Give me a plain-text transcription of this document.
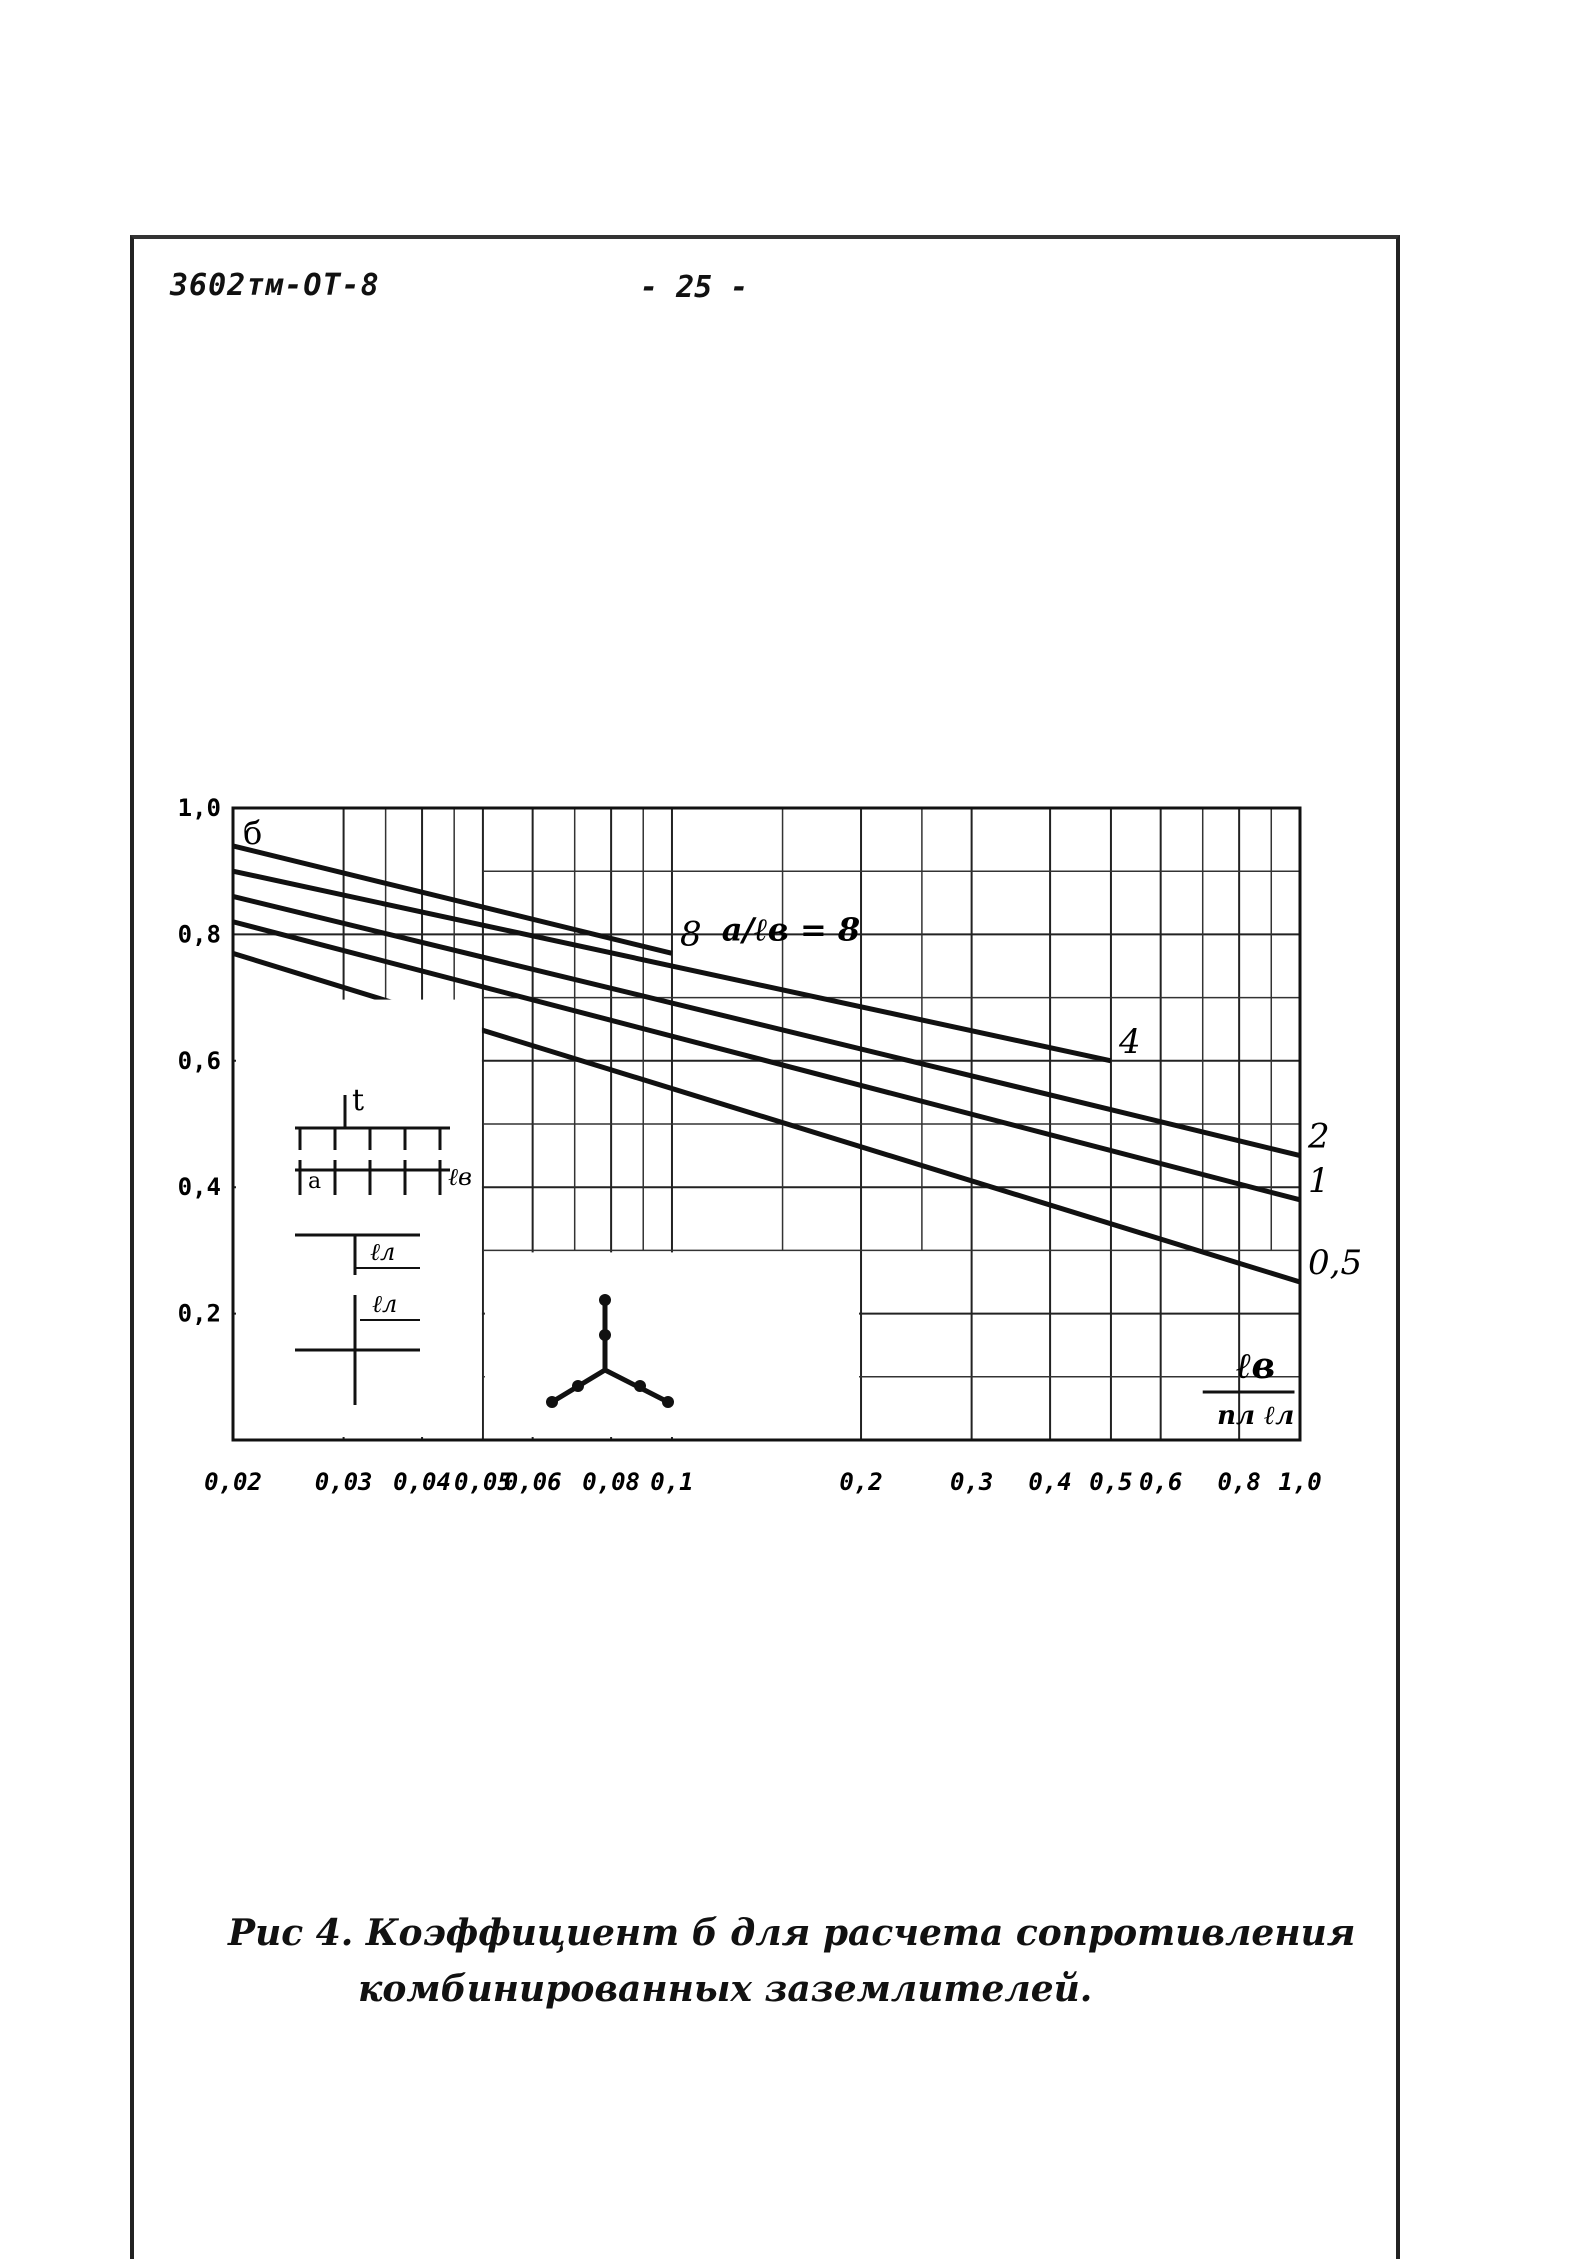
3602тм-ОТ-8	- 25 -
0,02 0,03 0,04 0,05
0,06 0,08 0,1	0,2	0,3 0,4 0,5 0,6 0,8 1,0
1,0
0,8
0,6
0,4
0,2
8
4
2
1
0,5
б
а/ℓв = 8
ℓв
nл ℓл
t
а	ℓв
ℓл
ℓл
Рис 4. Коэффициент б для расчета сопротивления
комбинированных заземлителей.
